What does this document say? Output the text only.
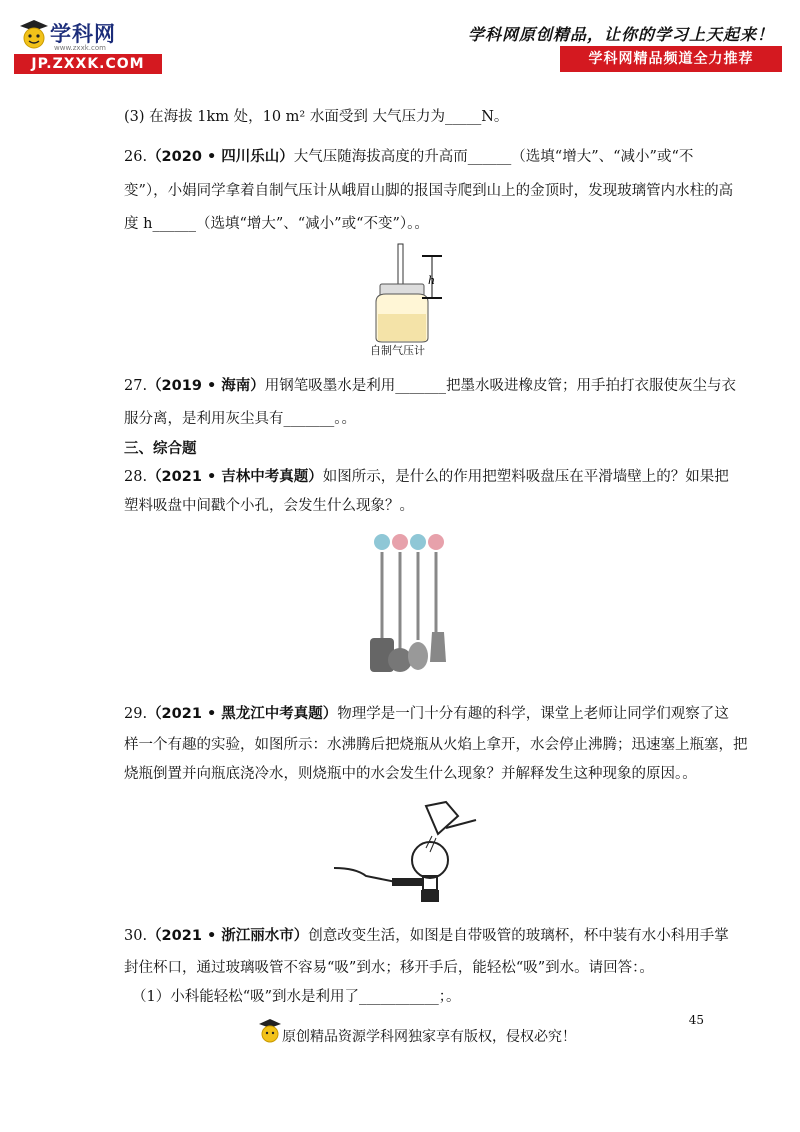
学科网
www.zxxk.com
JP.ZXXK.COM
学科网原创精品，让你的学习上天起来！
学科网精品频道全力推荐
(3) 在海拔 1km 处，10 m² 水面受到 大气压力为_____N。
26.（2020 • 四川乐山）大气压随海拔高度的升高而______（选填“增大”、“减小”或“不
变”），小娟同学拿着自制气压计从峨眉山脚的报国寺爬到山上的金顶时，发现玻璃管内水柱的高
度 h______（选填“增大”、“减小”或“不变”）。。
h
自制气压计
27.（2019 • 海南）用钢笔吸墨水是利用_______把墨水吸进橡皮管；用手拍打衣服使灰尘与衣
服分离，是利用灰尘具有_______。。
三、综合题
28.（2021 • 吉林中考真题）如图所示，是什么的作用把塑料吸盘压在平滑墙壁上的？如果把
塑料吸盘中间戳个小孔，会发生什么现象？。
29.（2021 • 黑龙江中考真题）物理学是一门十分有趣的科学，课堂上老师让同学们观察了这
样一个有趣的实验，如图所示：水沸腾后把烧瓶从火焰上拿开，水会停止沸腾；迅速塞上瓶塞，把
烧瓶倒置并向瓶底浇冷水，则烧瓶中的水会发生什么现象？并解释发生这种现象的原因。。
30.（2021 • 浙江丽水市）创意改变生活，如图是自带吸管的玻璃杯，杯中装有水小科用手掌
封住杯口，通过玻璃吸管不容易“吸”到水；移开手后，能轻松“吸”到水。请回答：。
（1）小科能轻松“吸”到水是利用了___________；。
45
原创精品资源学科网独家享有版权，侵权必究！
